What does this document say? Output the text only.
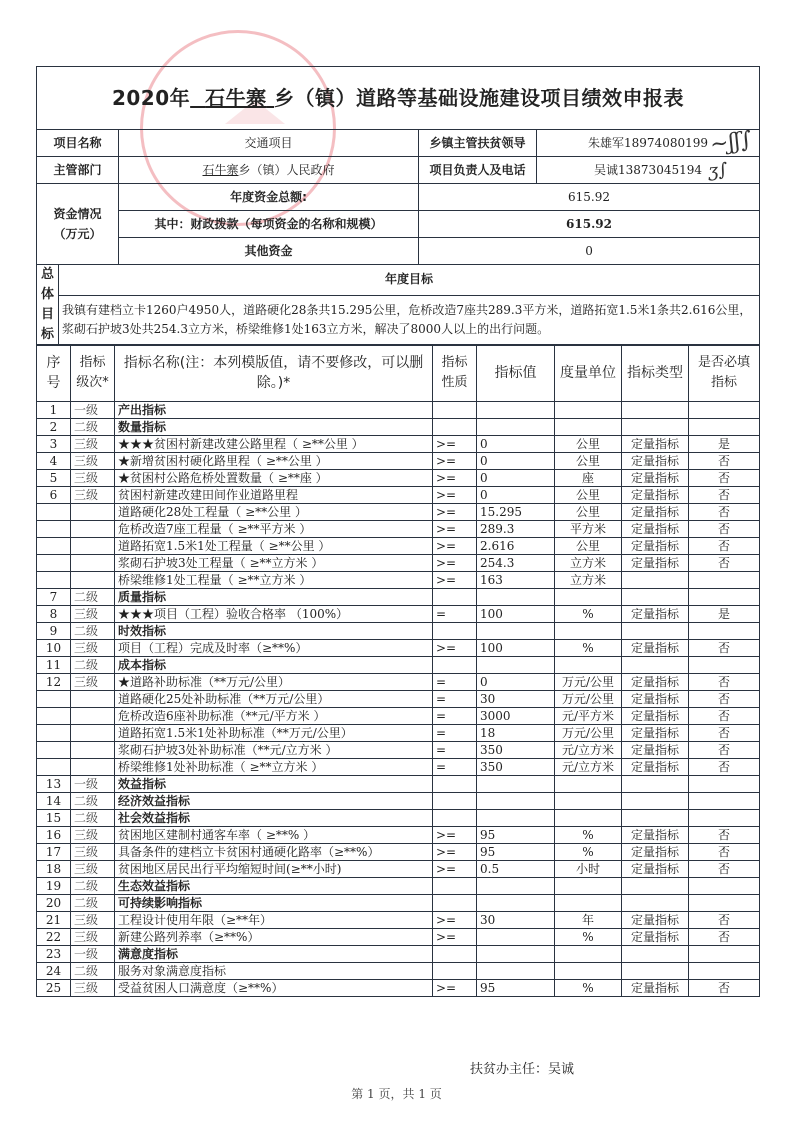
2020年 石牛寨 乡（镇）道路等基础设施建设项目绩效申报表			
项目名称	交通项目	乡镇主管扶贫领导	朱雄军18974080199
主管部门	石牛寨乡（镇）人民政府	项目负责人及电话	吴诚13873045194

资金情况
（万元）	年度资金总额:	615.92	
	其中：财政拨款（每项资金的名称和规模）	615.92	
	其他资金	0	
总
体
目
标
	年度目标
我镇有建档立卡1260户4950人，道路硬化28条共15.295公里，危桥改造7座共289.3平方米，道路拓宽1.5米1条共2.616公里，浆砌石护坡3处共254.3立方米，桥梁维修1处163立方米，解决了8000人以上的出行问题。
序号	指标级次*	指标名称(注：本列模版值，请不要修改，可以删除。)*	指标性质	指标值	度量单位	指标类型	是否必填指标
1	一级	产出指标					
2	二级	数量指标					
3	三级	★★★贫困村新建改建公路里程（ ≥**公里 ）	>=	0	公里	定量指标	是
4	三级	★新增贫困村硬化路里程（ ≥**公里 ）	>=	0	公里	定量指标	否
5	三级	★贫困村公路危桥处置数量（ ≥**座 ）	>=	0	座	定量指标	否
6	三级	贫困村新建改建田间作业道路里程	>=	0	公里	定量指标	否
		道路硬化28处工程量（ ≥**公里 ）	>=	15.295	公里	定量指标	否
		危桥改造7座工程量（ ≥**平方米 ）	>=	289.3	平方米	定量指标	否
		道路拓宽1.5米1处工程量（ ≥**公里 ）	>=	2.616	公里	定量指标	否
		浆砌石护坡3处工程量（ ≥**立方米 ）	>=	254.3	立方米	定量指标	否
		桥梁维修1处工程量（ ≥**立方米 ）	>=	163	立方米		
7	二级	质量指标					
8	三级	★★★项目（工程）验收合格率 （100%）	=	100	%	定量指标	是
9	二级	时效指标					
10	三级	项目（工程）完成及时率（≥**%）	>=	100	%	定量指标	否
11	二级	成本指标					
12	三级	★道路补助标准（**万元/公里）	=	0	万元/公里	定量指标	否
		道路硬化25处补助标准（**万元/公里）	=	30	万元/公里	定量指标	否
		危桥改造6座补助标准（**元/平方米 ）	=	3000	元/平方米	定量指标	否
		道路拓宽1.5米1处补助标准（**万元/公里）	=	18	万元/公里	定量指标	否
		浆砌石护坡3处补助标准（**元/立方米 ）	=	350	元/立方米	定量指标	否
		桥梁维修1处补助标准（ ≥**立方米 ）	=	350	元/立方米	定量指标	否
13	一级	效益指标					
14	二级	经济效益指标					
15	二级	社会效益指标					
16	三级	贫困地区建制村通客车率（ ≥**% ）	>=	95	%	定量指标	否
17	三级	具备条件的建档立卡贫困村通硬化路率（≥**%）	>=	95	%	定量指标	否
18	三级	贫困地区居民出行平均缩短时间(≥**小时)	>=	0.5	小时	定量指标	否
19	二级	生态效益指标					
20	二级	可持续影响指标					
21	三级	工程设计使用年限（≥**年）	>=	30	年	定量指标	否
22	三级	新建公路列养率（≥**%）	>=		%	定量指标	否
23	一级	满意度指标					
24	二级	服务对象满意度指标					
25	三级	受益贫困人口满意度（≥**%）	>=	95	%	定量指标	否
~ʃʃ∫
ʒ∫
扶贫办主任：吴诚
第 1 页，共 1 页
